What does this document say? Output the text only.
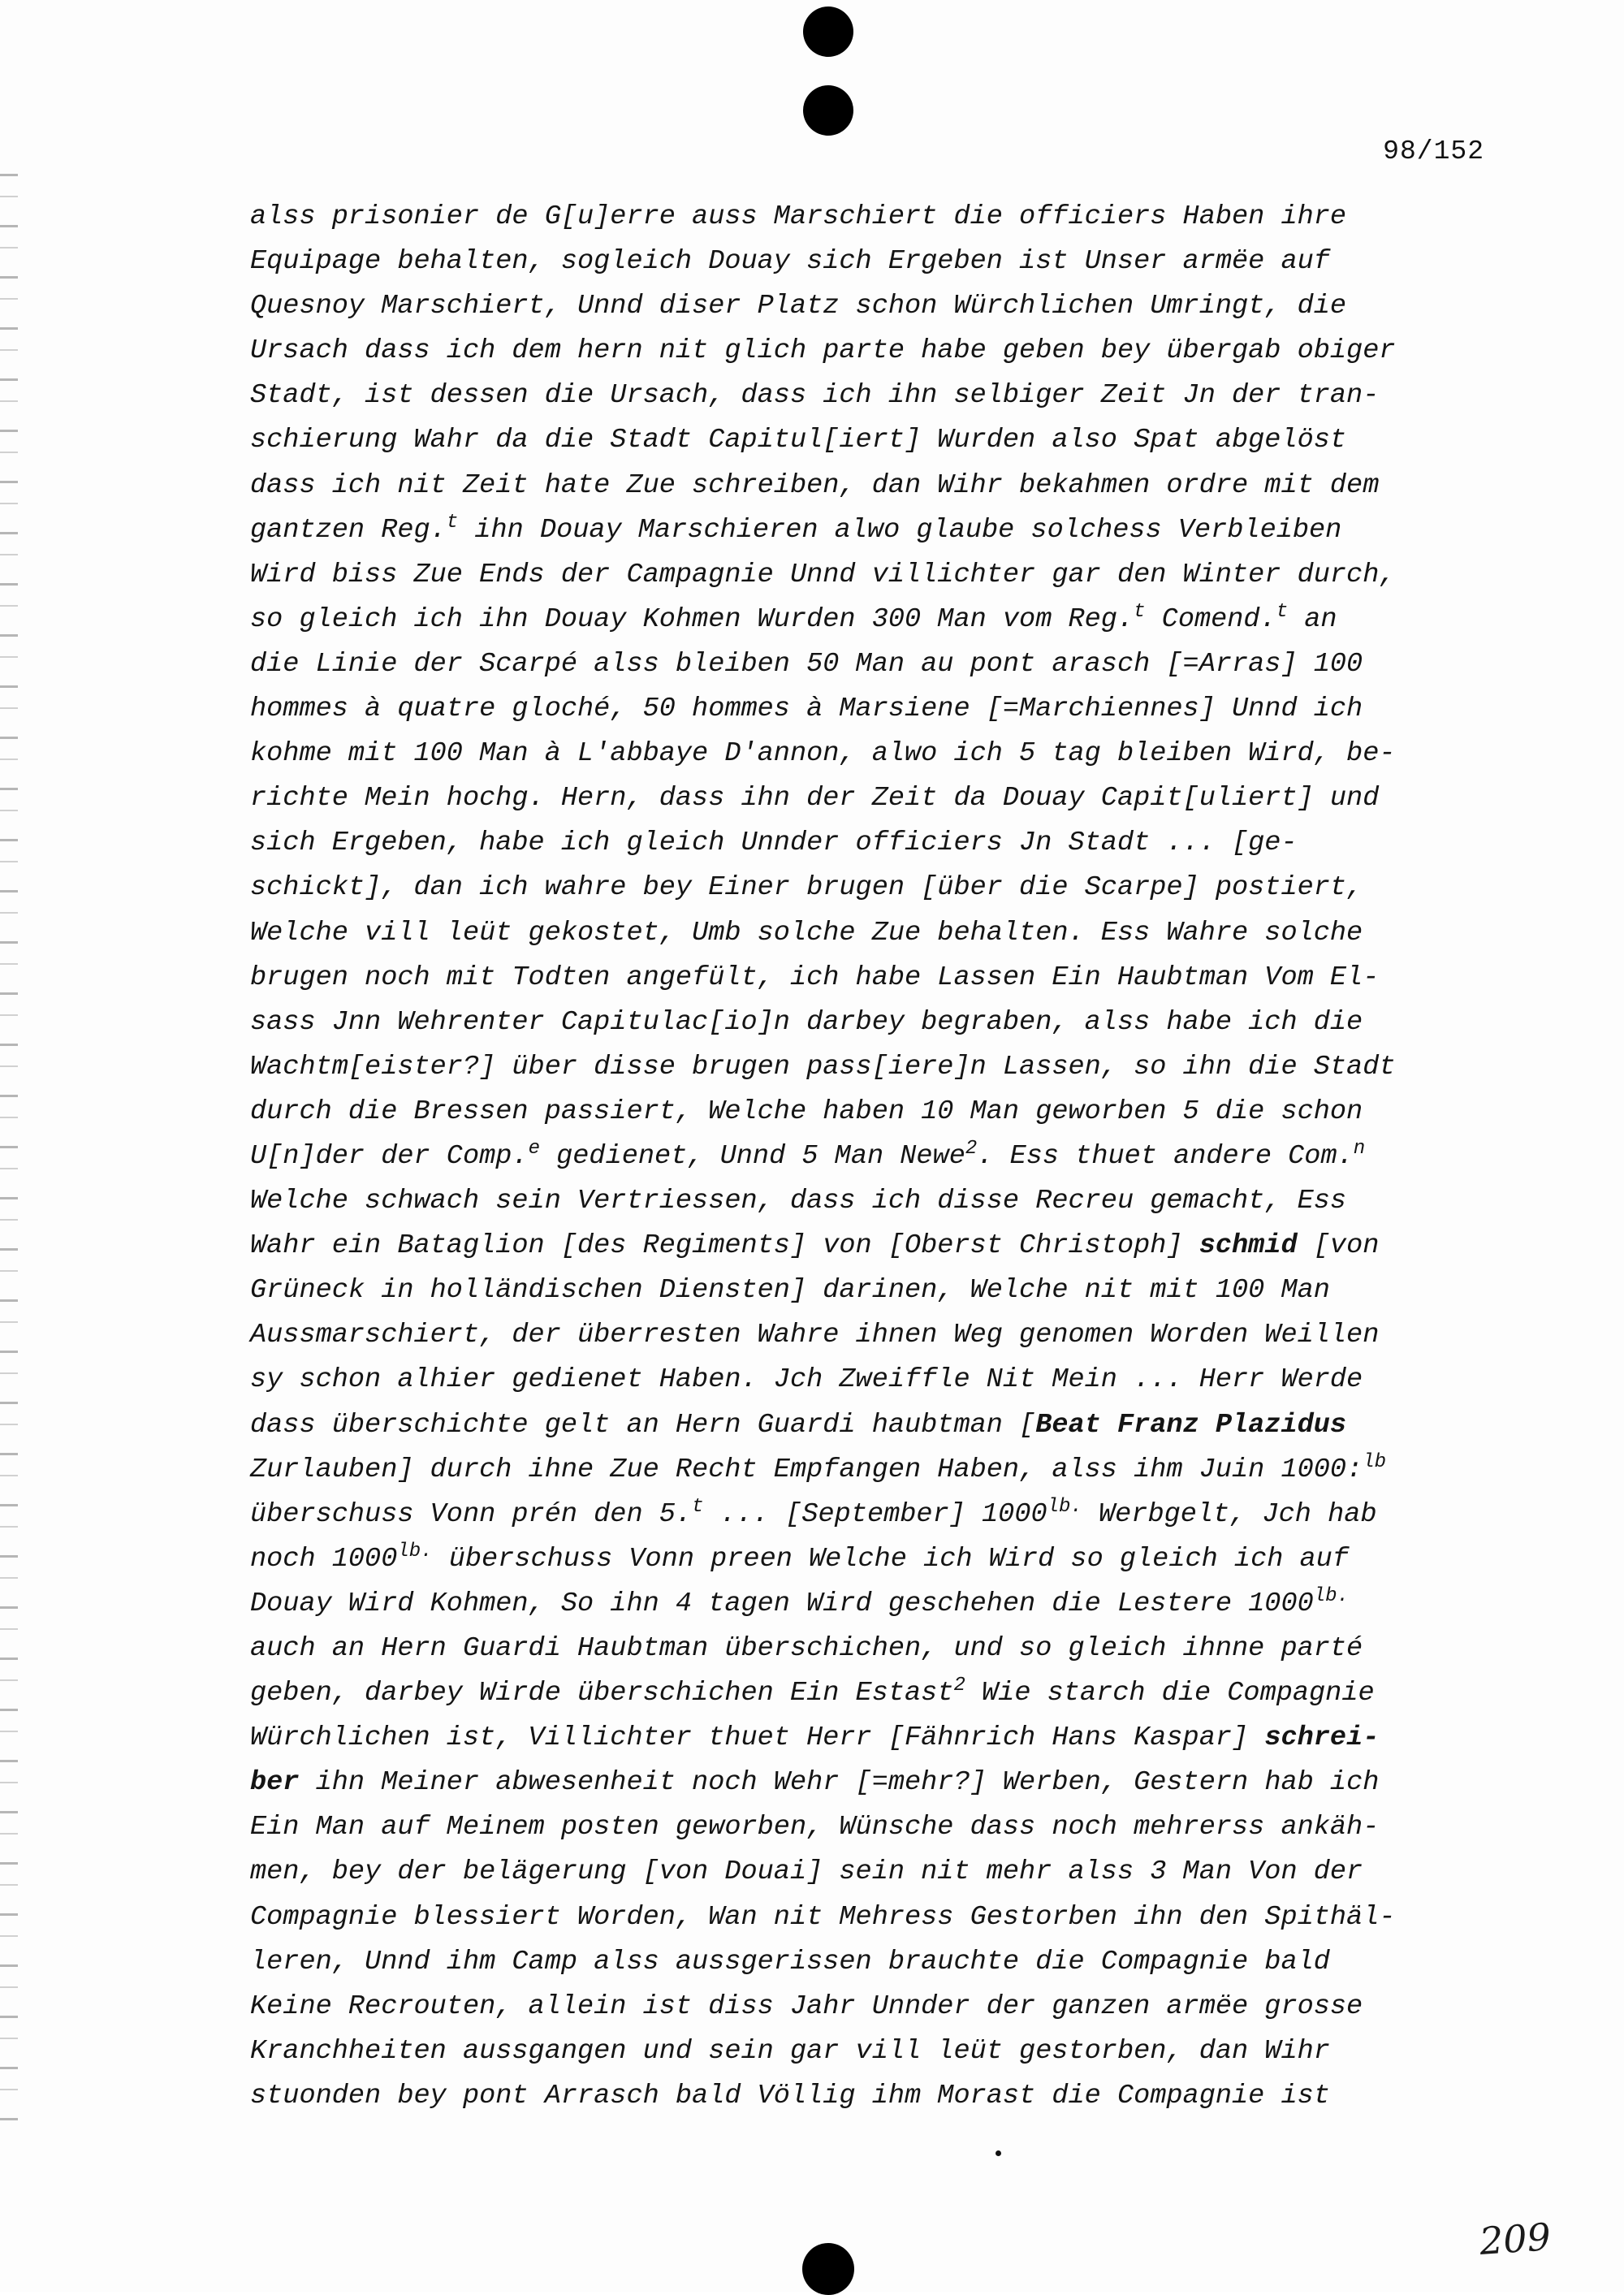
98/152
alss prisonier de G[u]erre auss Marschiert die officiers Haben ihre
Equipage behalten, sogleich Douay sich Ergeben ist Unser armëe auf
Quesnoy Marschiert, Unnd diser Platz schon Würchlichen Umringt, die
Ursach dass ich dem hern nit glich parte habe geben bey übergab obiger
Stadt, ist dessen die Ursach, dass ich ihn selbiger Zeit Jn der tran-
schierung Wahr da die Stadt Capitul[iert] Wurden also Spat abgelöst
dass ich nit Zeit hate Zue schreiben, dan Wihr bekahmen ordre mit dem
gantzen Reg.$^t$ ihn Douay Marschieren alwo glaube solchess Verbleiben
Wird biss Zue Ends der Campagnie Unnd villichter gar den Winter durch,
so gleich ich ihn Douay Kohmen Wurden 300 Man vom Reg.$^t$ Comend.$^t$ an
die Linie der Scarpé alss bleiben 50 Man au pont arasch [=Arras] 100
hommes à quatre gloché, 50 hommes à Marsiene [=Marchiennes] Unnd ich
kohme mit 100 Man à L'abbaye D'annon, alwo ich 5 tag bleiben Wird, be-
richte Mein hochg. Hern, dass ihn der Zeit da Douay Capit[uliert] und
sich Ergeben, habe ich gleich Unnder officiers Jn Stadt ... [ge-
schickt], dan ich wahre bey Einer brugen [über die Scarpe] postiert,
Welche vill leüt gekostet, Umb solche Zue behalten. Ess Wahre solche
brugen noch mit Todten angefült, ich habe Lassen Ein Haubtman Vom El-
sass Jnn Wehrenter Capitulac[io]n darbey begraben, alss habe ich die
Wachtm[eister?] über disse brugen pass[iere]n Lassen, so ihn die Stadt
durch die Bressen passiert, Welche haben 10 Man geworben 5 die schon
U[n]der der Comp.$^e$ gedienet, Unnd 5 Man Newe$^2$. Ess thuet andere Com.$^n$
Welche schwach sein Vertriessen, dass ich disse Recreu gemacht, Ess
Wahr ein Bataglion [des Regiments] von [Oberst Christoph] schmid [von
Grüneck in holländischen Diensten] darinen, Welche nit mit 100 Man
Aussmarschiert, der überresten Wahre ihnen Weg genomen Worden Weillen
sy schon alhier gedienet Haben. Jch Zweiffle Nit Mein ... Herr Werde
dass überschichte gelt an Hern Guardi haubtman [Beat Franz Plazidus
Zurlauben] durch ihne Zue Recht Empfangen Haben, alss ihm Juin 1000:$^{lb}$
überschuss Vonn prén den 5.$^t$ ... [September] $1000^{lb.}$ Werbgelt, Jch hab
noch $1000^{lb.}$ überschuss Vonn preen Welche ich Wird so gleich ich auf
Douay Wird Kohmen, So ihn 4 tagen Wird geschehen die Lestere $1000^{lb.}$
auch an Hern Guardi Haubtman überschichen, und so gleich ihnne parté
geben, darbey Wirde überschichen Ein Estast$^2$ Wie starch die Compagnie
Würchlichen ist, Villichter thuet Herr [Fähnrich Hans Kaspar] schrei-
ber ihn Meiner abwesenheit noch Wehr [=mehr?] Werben, Gestern hab ich
Ein Man auf Meinem posten geworben, Wünsche dass noch mehrerss ankäh-
men, bey der belägerung [von Douai] sein nit mehr alss 3 Man Von der
Compagnie blessiert Worden, Wan nit Mehress Gestorben ihn den Spithäl-
leren, Unnd ihm Camp alss aussgerissen brauchte die Compagnie bald
Keine Recrouten, allein ist diss Jahr Unnder der ganzen armëe grosse
Kranchheiten aussgangen und sein gar vill leüt gestorben, dan Wihr
stuonden bey pont Arrasch bald Völlig ihm Morast die Compagnie ist
209
